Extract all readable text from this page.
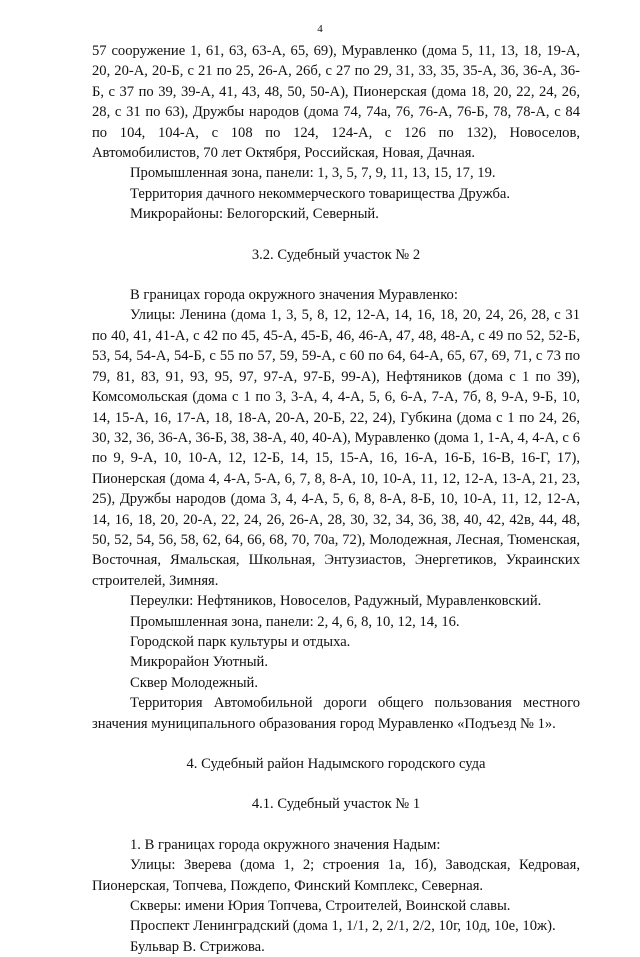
4

57 сооружение 1, 61, 63, 63-А, 65, 69), Муравленко (дома 5, 11, 13, 18, 19-А, 20, 20-А, 20-Б, с 21 по 25, 26-А, 26б, с 27 по 29, 31, 33, 35, 35-А, 36, 36-А, 36-Б, с 37 по 39, 39-А, 41, 43, 48, 50, 50-А), Пионерская (дома 18, 20, 22, 24, 26, 28, с 31 по 63), Дружбы народов (дома 74, 74а, 76, 76-А, 76-Б, 78, 78-А, с 84 по 104, 104-А, с 108 по 124, 124-А, с 126 по 132), Новоселов, Автомобилистов, 70 лет Октября, Российская, Новая, Дачная.

Промышленная зона, панели: 1, 3, 5, 7, 9, 11, 13, 15, 17, 19.

Территория дачного некоммерческого товарищества Дружба.

Микрорайоны: Белогорский, Северный.

3.2. Судебный участок № 2

В границах города окружного значения Муравленко:

Улицы: Ленина (дома 1, 3, 5, 8, 12, 12-А, 14, 16, 18, 20, 24, 26, 28, с 31 по 40, 41, 41-А, с 42 по 45, 45-А, 45-Б, 46, 46-А, 47, 48, 48-А, с 49 по 52, 52-Б, 53, 54, 54-А, 54-Б, с 55 по 57, 59, 59-А, с 60 по 64, 64-А, 65, 67, 69, 71, с 73 по 79, 81, 83, 91, 93, 95, 97, 97-А, 97-Б, 99-А), Нефтяников (дома с 1 по 39), Комсомольская (дома с 1 по 3, 3-А, 4, 4-А, 5, 6, 6-А, 7-А, 7б, 8, 9-А, 9-Б, 10, 14, 15-А, 16, 17-А, 18, 18-А, 20-А, 20-Б, 22, 24), Губкина (дома с 1 по 24, 26, 30, 32, 36, 36-А, 36-Б, 38, 38-А, 40, 40-А), Муравленко (дома 1, 1-А, 4, 4-А, с 6 по 9, 9-А, 10, 10-А, 12, 12-Б, 14, 15, 15-А, 16, 16-А, 16-Б, 16-В, 16-Г, 17), Пионерская (дома 4, 4-А, 5-А, 6, 7, 8, 8-А, 10, 10-А, 11, 12, 12-А, 13-А, 21, 23, 25), Дружбы народов (дома 3, 4, 4-А, 5, 6, 8, 8-А, 8-Б, 10, 10-А, 11, 12, 12-А, 14, 16, 18, 20, 20-А, 22, 24, 26, 26-А, 28, 30, 32, 34, 36, 38, 40, 42, 42в, 44, 48, 50, 52, 54, 56, 58, 62, 64, 66, 68, 70, 70а, 72), Молодежная, Лесная, Тюменская, Восточная, Ямальская, Школьная, Энтузиастов, Энергетиков, Украинских строителей, Зимняя.

Переулки: Нефтяников, Новоселов, Радужный, Муравленковский.

Промышленная зона, панели: 2, 4, 6, 8, 10, 12, 14, 16.

Городской парк культуры и отдыха.

Микрорайон Уютный.

Сквер Молодежный.

Территория Автомобильной дороги общего пользования местного значения муниципального образования город Муравленко «Подъезд № 1».

4. Судебный район Надымского городского суда

4.1. Судебный участок № 1

1. В границах города окружного значения Надым:

Улицы: Зверева (дома 1, 2; строения 1а, 1б), Заводская, Кедровая, Пионерская, Топчева, Пождепо, Финский Комплекс, Северная.

Скверы: имени Юрия Топчева, Строителей, Воинской славы.

Проспект Ленинградский (дома 1, 1/1, 2, 2/1, 2/2, 10г, 10д, 10е, 10ж).

Бульвар В. Стрижова.
